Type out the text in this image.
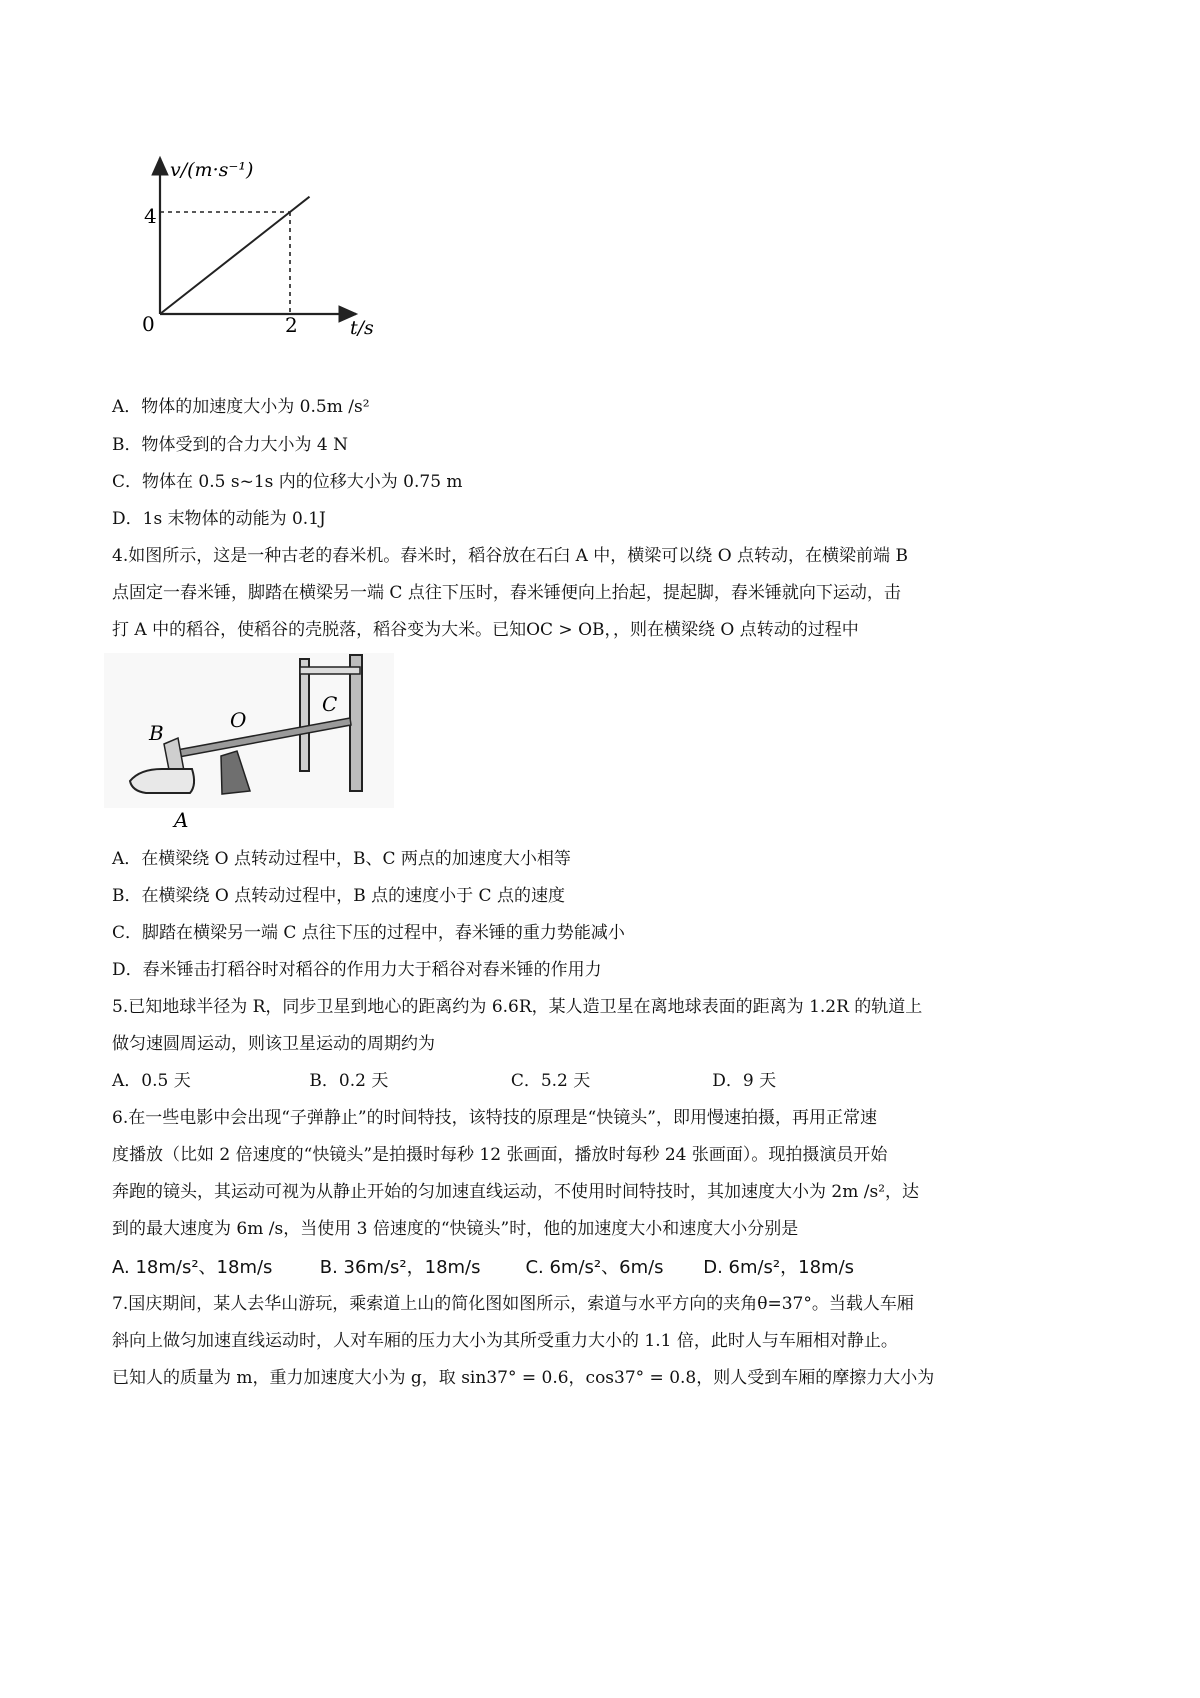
v/(m·s⁻¹)
t/s
0
4
2
A．物体的加速度大小为 0.5m /s²
B．物体受到的合力大小为 4 N
C．物体在 0.5 s~1s 内的位移大小为 0.75 m
D．1s 末物体的动能为 0.1J
4.如图所示，这是一种古老的舂米机。舂米时，稻谷放在石臼 A 中，横梁可以绕 O 点转动，在横梁前端 B
点固定一舂米锤，脚踏在横梁另一端 C 点往下压时，舂米锤便向上抬起，提起脚，舂米锤就向下运动，击
打 A 中的稻谷，使稻谷的壳脱落，稻谷变为大米。已知OC > OB，，则在横梁绕 O 点转动的过程中
B
O
C
A
A．在横梁绕 O 点转动过程中，B、C 两点的加速度大小相等
B．在横梁绕 O 点转动过程中，B 点的速度小于 C 点的速度
C．脚踏在横梁另一端 C 点往下压的过程中，舂米锤的重力势能减小
D．舂米锤击打稻谷时对稻谷的作用力大于稻谷对舂米锤的作用力
5.已知地球半径为 R，同步卫星到地心的距离约为 6.6R，某人造卫星在离地球表面的距离为 1.2R 的轨道上
做匀速圆周运动，则该卫星运动的周期约为
A．0.5 天	B．0.2 天	C．5.2 天	D．9 天
6.在一些电影中会出现“子弹静止”的时间特技，该特技的原理是“快镜头”，即用慢速拍摄，再用正常速
度播放（比如 2 倍速度的“快镜头”是拍摄时每秒 12 张画面，播放时每秒 24 张画面）。现拍摄演员开始
奔跑的镜头，其运动可视为从静止开始的匀加速直线运动，不使用时间特技时，其加速度大小为 2m /s²，达
到的最大速度为 6m /s，当使用 3 倍速度的“快镜头”时，他的加速度大小和速度大小分别是
A. 18m/s²、18m/s	B. 36m/s²，18m/s C. 6m/s²、6m/s D. 6m/s²，18m/s
7.国庆期间，某人去华山游玩，乘索道上山的简化图如图所示，索道与水平方向的夹角θ=37°。当载人车厢
斜向上做匀加速直线运动时，人对车厢的压力大小为其所受重力大小的 1.1 倍，此时人与车厢相对静止。
已知人的质量为 m，重力加速度大小为 g，取 sin37° = 0.6，cos37° = 0.8，则人受到车厢的摩擦力大小为
